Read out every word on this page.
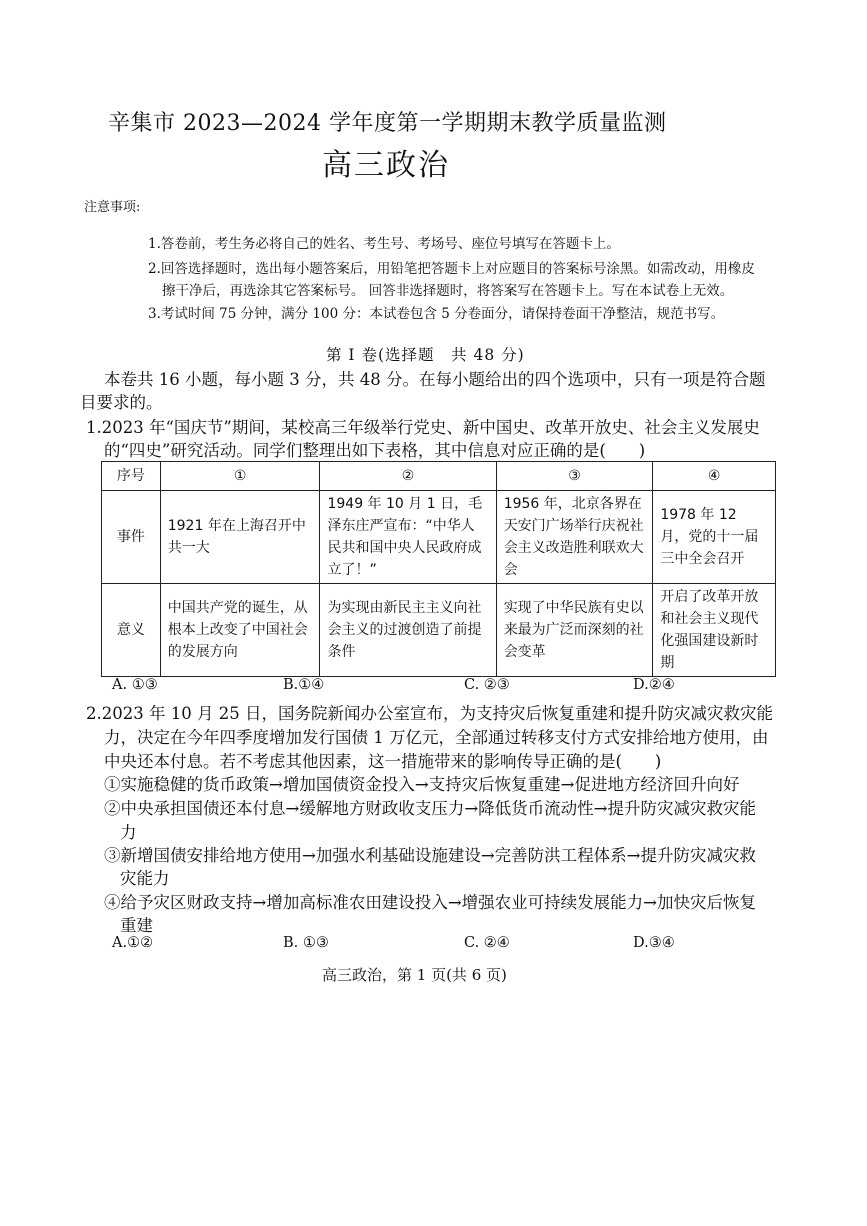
辛集市 2023—2024 学年度第一学期期末教学质量监测
高三政治
注意事项:
1.答卷前，考生务必将自己的姓名、考生号、考场号、座位号填写在答题卡上。
2.回答选择题时，选出每小题答案后，用铅笔把答题卡上对应题目的答案标号涂黑。如需改动，用橡皮
擦干净后，再选涂其它答案标号。 回答非选择题时，将答案写在答题卡上。写在本试卷上无效。
3.考试时间 75 分钟，满分 100 分：本试卷包含 5 分卷面分，请保持卷面干净整洁，规范书写。
第 Ⅰ 卷(选择题　共 48 分)
本卷共 16 小题，每小题 3 分，共 48 分。在每小题给出的四个选项中，只有一项是符合题
目要求的。
1.2023 年“国庆节”期间，某校高三年级举行党史、新中国史、改革开放史、社会主义发展史
的“四史”研究活动。同学们整理出如下表格，其中信息对应正确的是(　　)
序号	①	②	③	④
事件	1921 年在上海召开中共一大	1949 年 10 月 1 日，毛泽东庄严宣布：“中华人民共和国中央人民政府成立了！”	1956 年，北京各界在天安门广场举行庆祝社会主义改造胜利联欢大会	1978 年 12 月，党的十一届三中全会召开
意义	中国共产党的诞生，从根本上改变了中国社会的发展方向	为实现由新民主主义向社会主义的过渡创造了前提条件	实现了中华民族有史以来最为广泛而深刻的社会变革	开启了改革开放和社会主义现代化强国建设新时期
A. ①③	B.①④	C. ②③	D.②④
2.2023 年 10 月 25 日，国务院新闻办公室宣布，为支持灾后恢复重建和提升防灾减灾救灾能
力，决定在今年四季度增加发行国债 1 万亿元，全部通过转移支付方式安排给地方使用，由
中央还本付息。若不考虑其他因素，这一措施带来的影响传导正确的是(　　)
①实施稳健的货币政策→增加国债资金投入→支持灾后恢复重建→促进地方经济回升向好
②中央承担国债还本付息→缓解地方财政收支压力→降低货币流动性→提升防灾减灾救灾能
力
③新增国债安排给地方使用→加强水利基础设施建设→完善防洪工程体系→提升防灾减灾救
灾能力
④给予灾区财政支持→增加高标准农田建设投入→增强农业可持续发展能力→加快灾后恢复
重建
A.①②	B. ①③	C. ②④	D.③④
高三政治，第 1 页(共 6 页)
